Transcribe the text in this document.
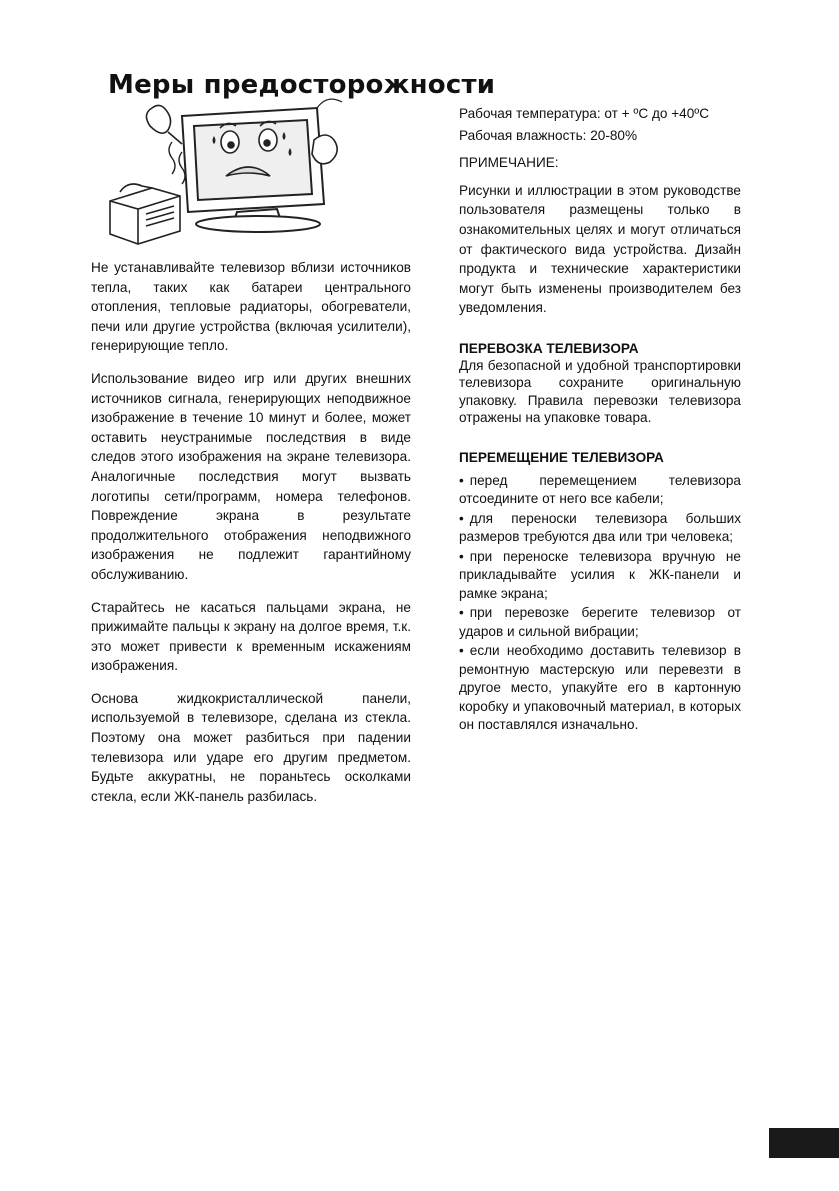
Меры предосторожности

Не устанавливайте телевизор вблизи источников тепла, таких как батареи центрального отопления, тепловые радиаторы, обогреватели, печи или другие устройства (включая усилители), генерирующие тепло.

Использование видео игр или других внешних источников сигнала, генерирующих неподвижное изображение в течение 10 минут и более, может оставить неустранимые последствия в виде следов этого изображения на экране телевизора. Аналогичные последствия могут вызвать логотипы сети/программ, номера телефонов. Повреждение экрана в результате продолжительного отображения неподвижного изображения не подлежит гарантийному обслуживанию.

Старайтесь не касаться пальцами экрана, не прижимайте пальцы к экрану на долгое время, т.к. это может привести к временным искажениям изображения.

Основа жидкокристаллической панели, используемой в телевизоре, сделана из стекла. Поэтому она может разбиться при падении телевизора или ударе его другим предметом. Будьте аккуратны, не пораньтесь осколками стекла, если ЖК-панель разбилась.

Рабочая температура: от + ºC до +40ºC

Рабочая влажность: 20-80%

ПРИМЕЧАНИЕ:

Рисунки и иллюстрации в этом руководстве пользователя размещены только в ознакомительных целях и могут отличаться от фактического вида устройства. Дизайн продукта и технические характеристики могут быть изменены производителем без уведомления.

ПЕРЕВОЗКА ТЕЛЕВИЗОРА

Для безопасной и удобной транспортировки телевизора сохраните оригинальную упаковку. Правила перевозки телевизора отражены на упаковке товара.

ПЕРЕМЕЩЕНИЕ ТЕЛЕВИЗОРА
• перед перемещением телевизора отсоедините от него все кабели;
• для переноски телевизора больших размеров требуются два или три человека;
• при переноске телевизора вручную не прикладывайте усилия к ЖК-панели и рамке экрана;
• при перевозке берегите телевизор от ударов и сильной вибрации;
• если необходимо доставить телевизор в ремонтную мастерскую или перевезти в другое место, упакуйте его в картонную коробку и упаковочный материал, в которых он поставлялся изначально.
